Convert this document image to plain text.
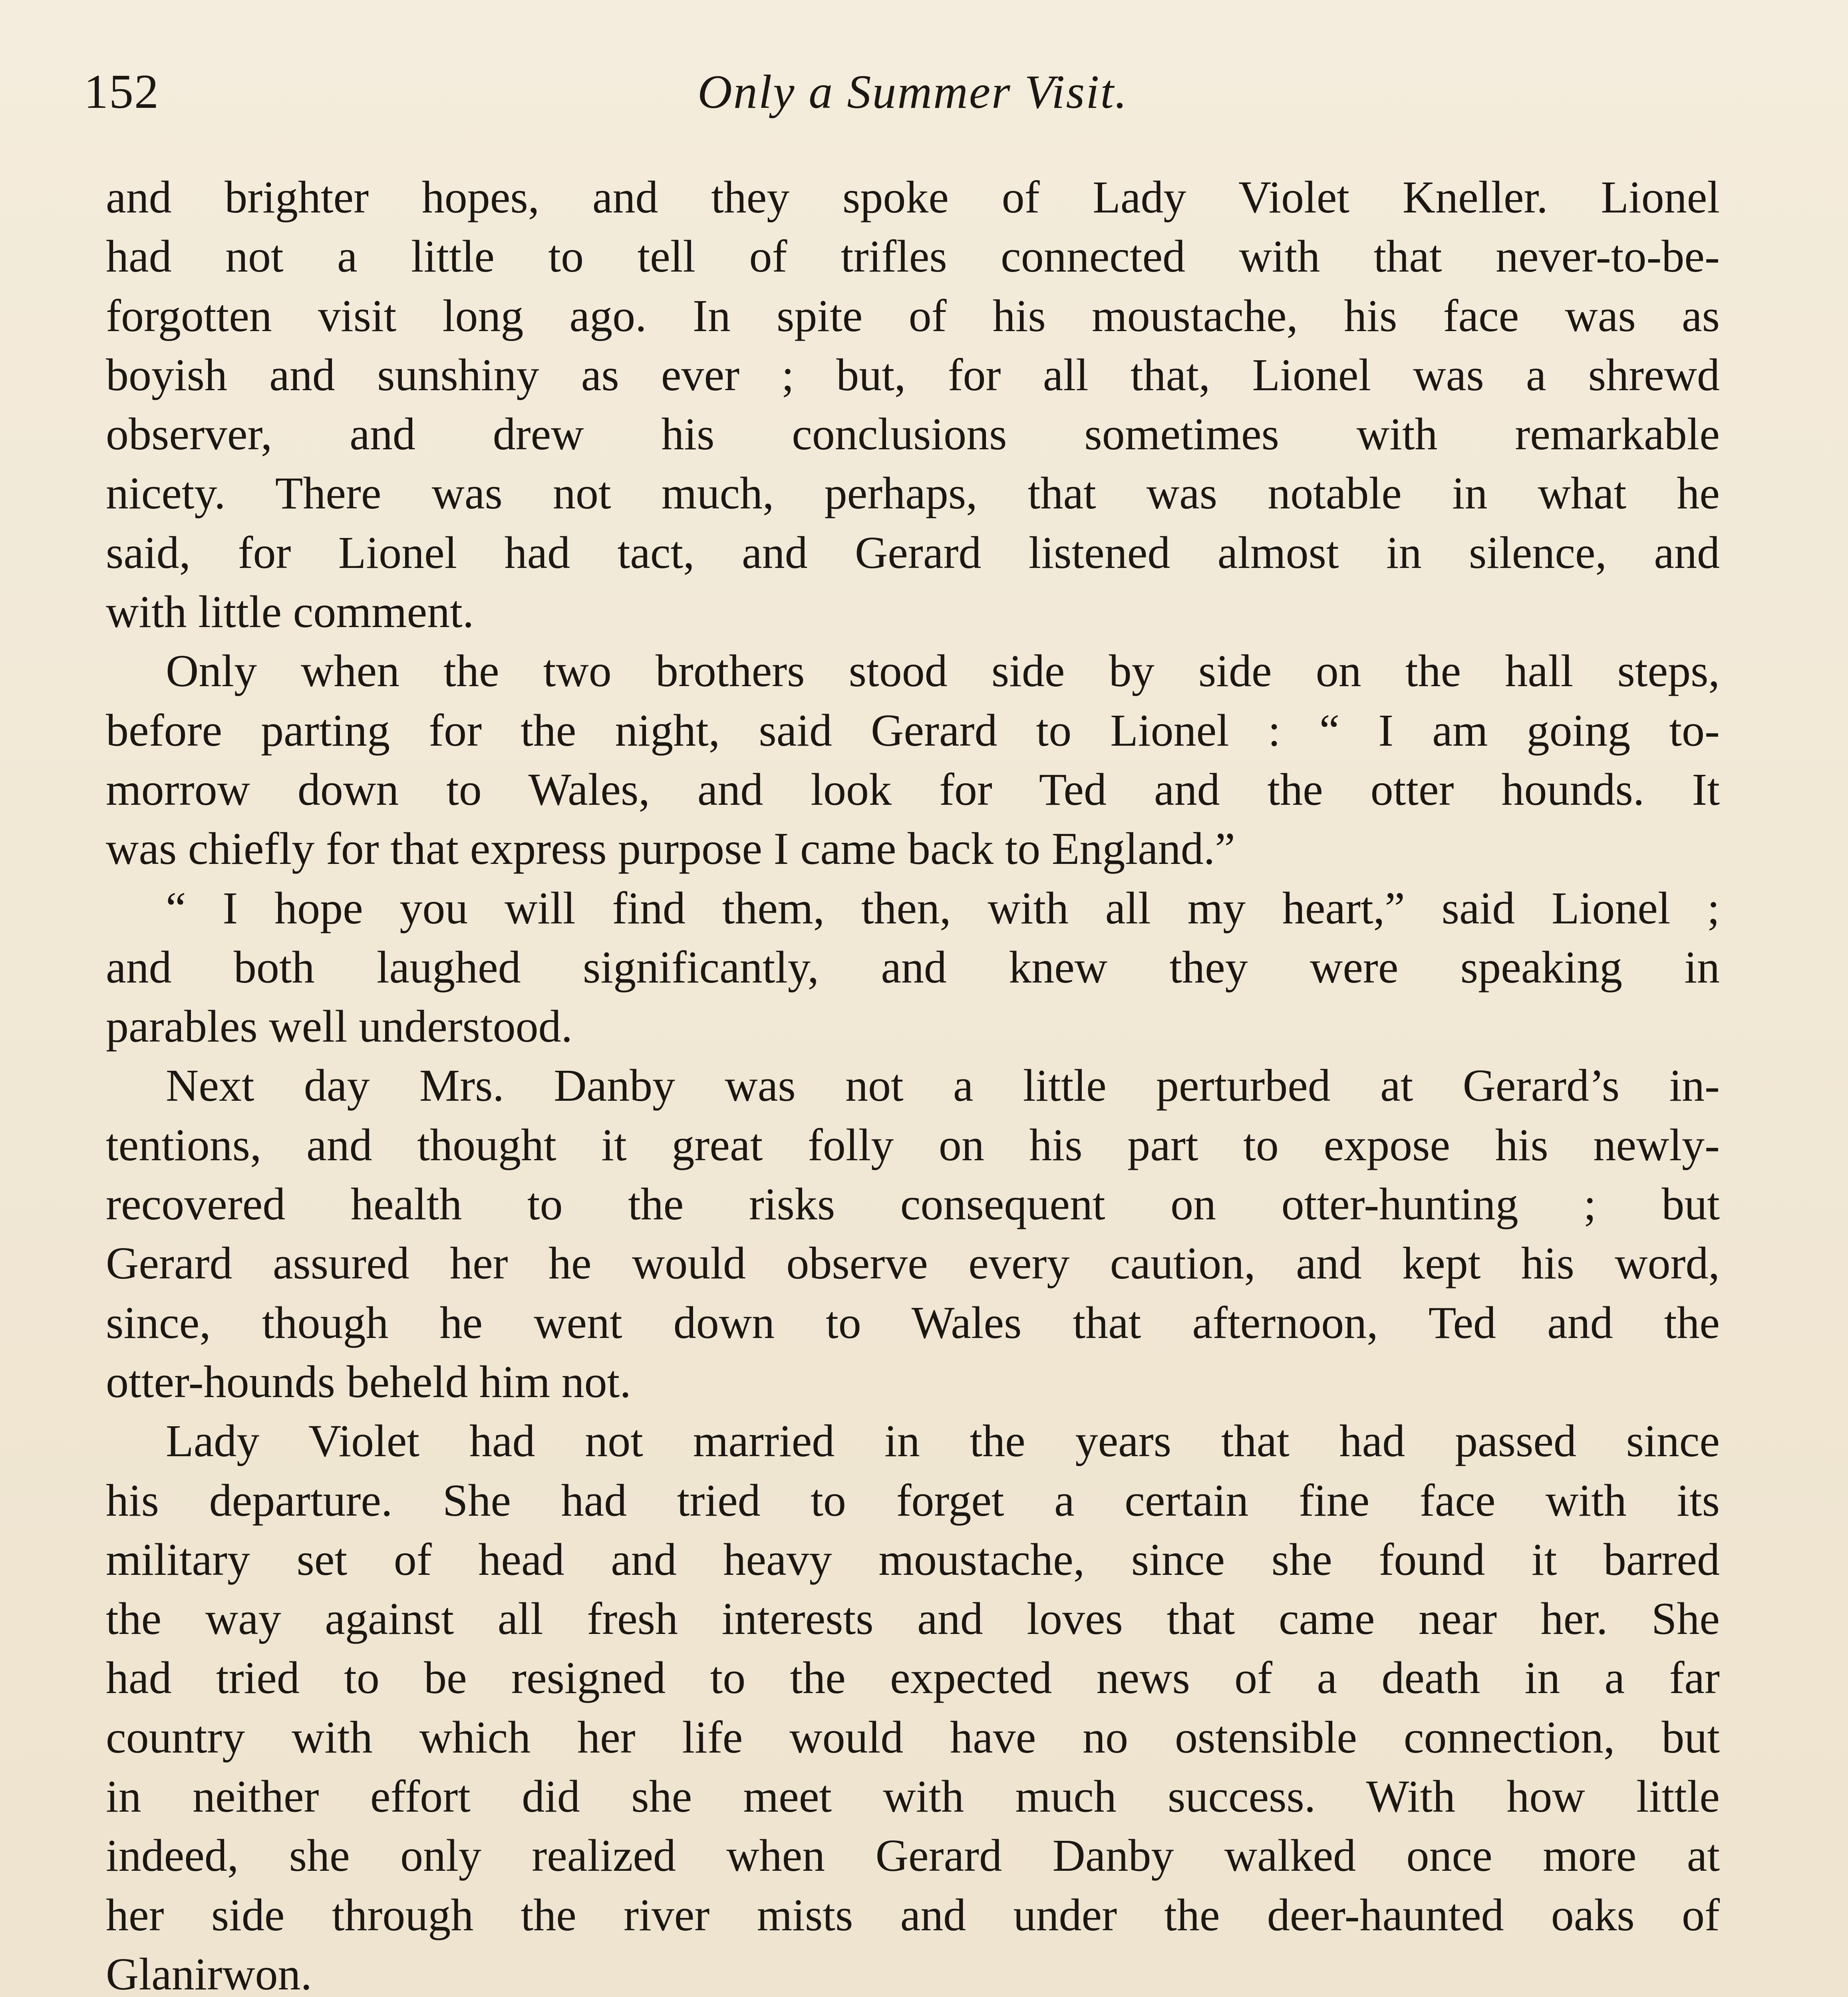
152	Only a Summer Visit.
and brighter hopes, and they spoke of Lady Violet Kneller. Lionel
had not a little to tell of trifles connected with that never-to-be-
forgotten visit long ago. In spite of his moustache, his face was as
boyish and sunshiny as ever ; but, for all that, Lionel was a shrewd
observer, and drew his conclusions sometimes with remarkable
nicety. There was not much, perhaps, that was notable in what he
said, for Lionel had tact, and Gerard listened almost in silence, and
with little comment.
Only when the two brothers stood side by side on the hall steps,
before parting for the night, said Gerard to Lionel : “ I am going to-
morrow down to Wales, and look for Ted and the otter hounds. It
was chiefly for that express purpose I came back to England.”
“ I hope you will find them, then, with all my heart,” said Lionel ;
and both laughed significantly, and knew they were speaking in
parables well understood.
Next day Mrs. Danby was not a little perturbed at Gerard’s in-
tentions, and thought it great folly on his part to expose his newly-
recovered health to the risks consequent on otter-hunting ; but
Gerard assured her he would observe every caution, and kept his word,
since, though he went down to Wales that afternoon, Ted and the
otter-hounds beheld him not.
Lady Violet had not married in the years that had passed since
his departure. She had tried to forget a certain fine face with its
military set of head and heavy moustache, since she found it barred
the way against all fresh interests and loves that came near her. She
had tried to be resigned to the expected news of a death in a far
country with which her life would have no ostensible connection, but
in neither effort did she meet with much success. With how little
indeed, she only realized when Gerard Danby walked once more at
her side through the river mists and under the deer-haunted oaks of
Glanirwon.
